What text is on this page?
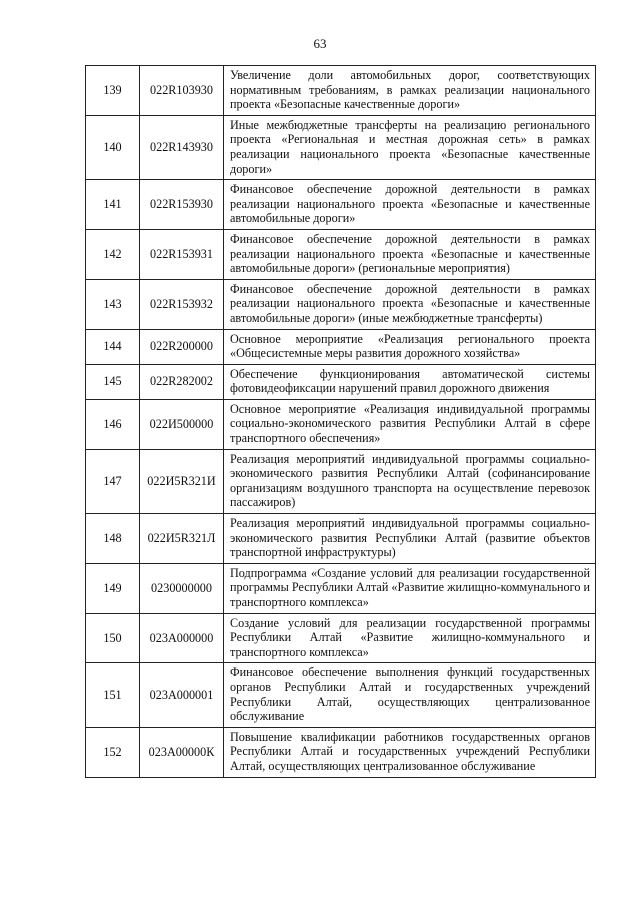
63
139	022R103930	Увеличение доли автомобильных дорог, соответствующих нормативным требованиям, в рамках реализации национального проекта «Безопасные качественные дороги»
140	022R143930	Иные межбюджетные трансферты на реализацию регионального проекта «Региональная и местная дорожная сеть» в рамках реализации национального проекта «Безопасные качественные дороги»
141	022R153930	Финансовое обеспечение дорожной деятельности в рамках реализации национального проекта «Безопасные и качественные автомобильные дороги»
142	022R153931	Финансовое обеспечение дорожной деятельности в рамках реализации национального проекта «Безопасные и качественные автомобильные дороги» (региональные мероприятия)
143	022R153932	Финансовое обеспечение дорожной деятельности в рамках реализации национального проекта «Безопасные и качественные автомобильные дороги» (иные межбюджетные трансферты)
144	022R200000	Основное мероприятие «Реализация регионального проекта «Общесистемные меры развития дорожного хозяйства»
145	022R282002	Обеспечение функционирования автоматической системы фотовидеофиксации нарушений правил дорожного движения
146	022И500000	Основное мероприятие «Реализация индивидуальной программы социально-экономического развития Республики Алтай в сфере транспортного обеспечения»
147	022И5R321И	Реализация мероприятий индивидуальной программы социально-экономического развития Республики Алтай (софинансирование организациям воздушного транспорта на осуществление перевозок пассажиров)
148	022И5R321Л	Реализация мероприятий индивидуальной программы социально-экономического развития Республики Алтай (развитие объектов транспортной инфраструктуры)
149	0230000000	Подпрограмма «Создание условий для реализации государственной программы Республики Алтай «Развитие жилищно-коммунального и транспортного комплекса»
150	023A000000	Создание условий для реализации государственной программы Республики Алтай «Развитие жилищно-коммунального и транспортного комплекса»
151	023A000001	Финансовое обеспечение выполнения функций государственных органов Республики Алтай и государственных учреждений Республики Алтай, осуществляющих централизованное обслуживание
152	023A00000К	Повышение квалификации работников государственных органов Республики Алтай и государственных учреждений Республики Алтай, осуществляющих централизованное обслуживание
